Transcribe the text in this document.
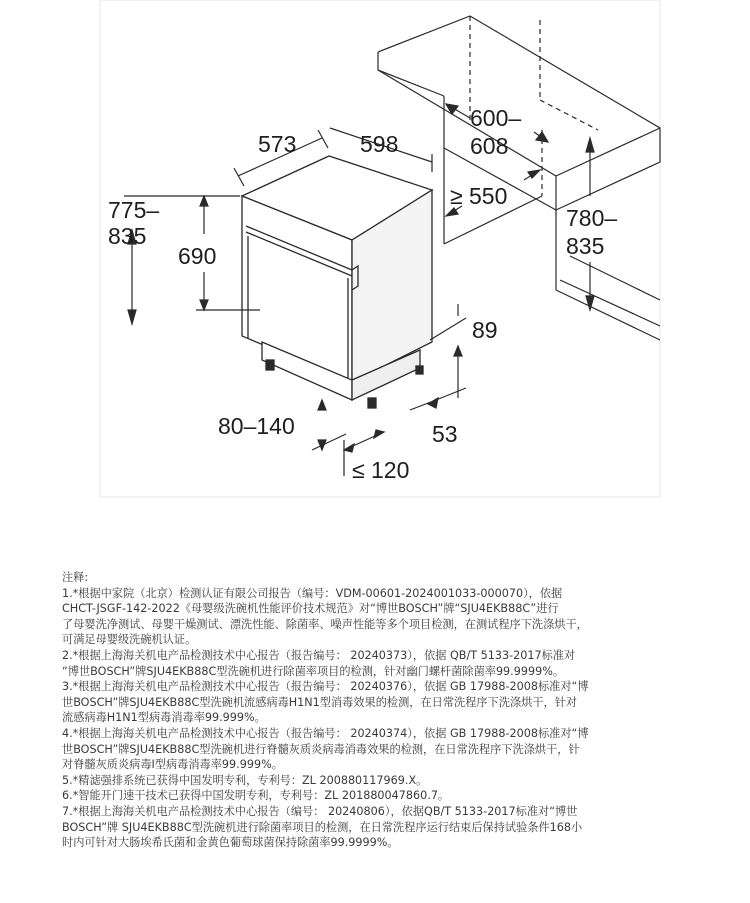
573	598
775–
835
690
600–
608
≥ 550
780–
835
89
80–140	53
≤ 120

注释:

1.*根据中家院（北京）检测认证有限公司报告（编号：VDM-00601-2024001033-000070），依据
CHCT-JSGF-142-2022《母婴级洗碗机性能评价技术规范》对“博世BOSCH”牌“SJU4EKB88C”进行
了母婴洗净测试、母婴干燥测试、漂洗性能、除菌率、噪声性能等多个项目检测，在测试程序下洗涤烘干，
可满足母婴级洗碗机认证。

2.*根据上海海关机电产品检测技术中心报告（报告编号： 20240373），依据 QB/T 5133-2017标准对
“博世BOSCH”牌SJU4EKB88C型洗碗机进行除菌率项目的检测，针对幽门螺杆菌除菌率99.9999%。

3.*根据上海海关机电产品检测技术中心报告（报告编号： 20240376），依据 GB 17988-2008标准对“博
世BOSCH”牌SJU4EKB88C型洗碗机流感病毒H1N1型消毒效果的检测，在日常洗程序下洗涤烘干，针对
流感病毒H1N1型病毒消毒率99.999%。

4.*根据上海海关机电产品检测技术中心报告（报告编号： 20240374），依据 GB 17988-2008标准对“博
世BOSCH”牌SJU4EKB88C型洗碗机进行脊髓灰质炎病毒消毒效果的检测，在日常洗程序下洗涤烘干，针
对脊髓灰质炎病毒I型病毒消毒率99.999%。

5.*精滤强排系统已获得中国发明专利，专利号：ZL 200880117969.X。

6.*智能开门速干技术已获得中国发明专利，专利号：ZL 201880047860.7。

7.*根据上海海关机电产品检测技术中心报告（编号： 20240806），依据QB/T 5133-2017标准对“博世
BOSCH”牌 SJU4EKB88C型洗碗机进行除菌率项目的检测，在日常洗程序运行结束后保持试验条件168小
时内可针对大肠埃希氏菌和金黄色葡萄球菌保持除菌率99.9999%。
